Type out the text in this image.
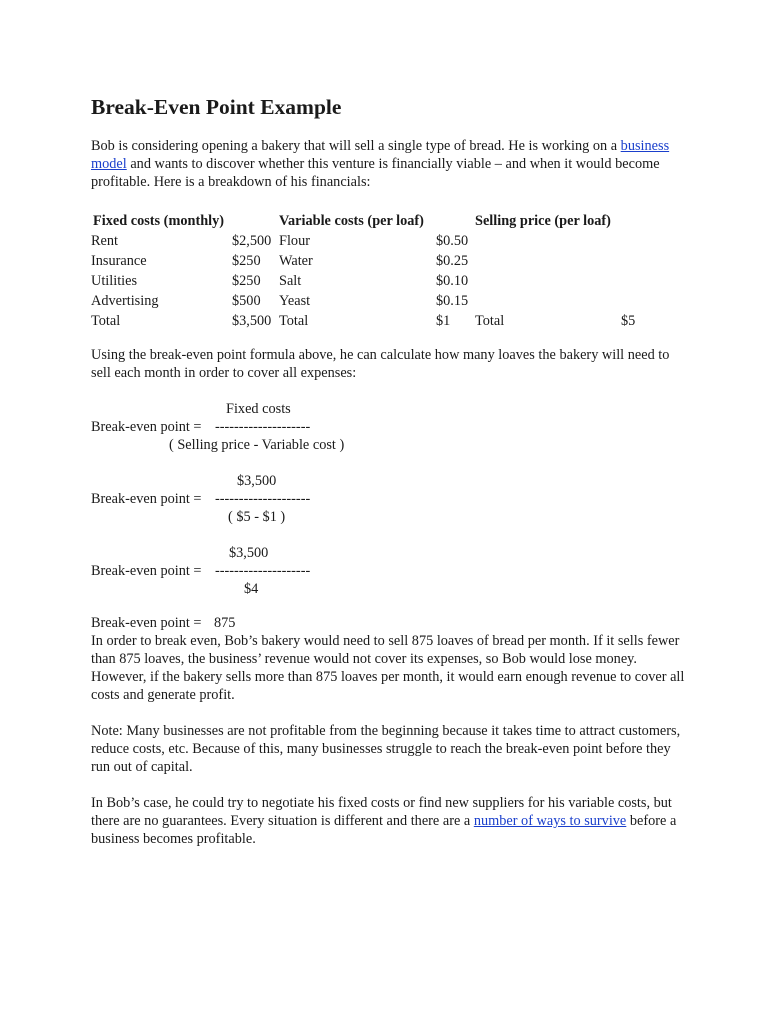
Break-Even Point Example

Bob is considering opening a bakery that will sell a single type of bread. He is working on a business model and wants to discover whether this venture is financially viable – and when it would become profitable. Here is a breakdown of his financials:

Fixed costs (monthly)	Variable costs (per loaf)	Selling price (per loaf)
Rent	$2,500 Flour	$0.50
Insurance	$250 Water	$0.25
Utilities	$250 Salt	$0.10
Advertising	$500 Yeast	$0.15
Total	$3,500 Total	$1 Total	$5

Using the break-even point formula above, he can calculate how many loaves the bakery will need to sell each month in order to cover all expenses:

Fixed costs
Break-even point = --------------------
( Selling price - Variable cost )
$3,500
Break-even point = --------------------
( $5 - $1 )
$3,500
Break-even point = --------------------
$4
Break-even point = 875

In order to break even, Bob’s bakery would need to sell 875 loaves of bread per month. If it sells fewer than 875 loaves, the business’ revenue would not cover its expenses, so Bob would lose money. However, if the bakery sells more than 875 loaves per month, it would earn enough revenue to cover all costs and generate profit.

Note: Many businesses are not profitable from the beginning because it takes time to attract customers, reduce costs, etc. Because of this, many businesses struggle to reach the break-even point before they run out of capital.

In Bob’s case, he could try to negotiate his fixed costs or find new suppliers for his variable costs, but there are no guarantees. Every situation is different and there are a number of ways to survive before a business becomes profitable.
